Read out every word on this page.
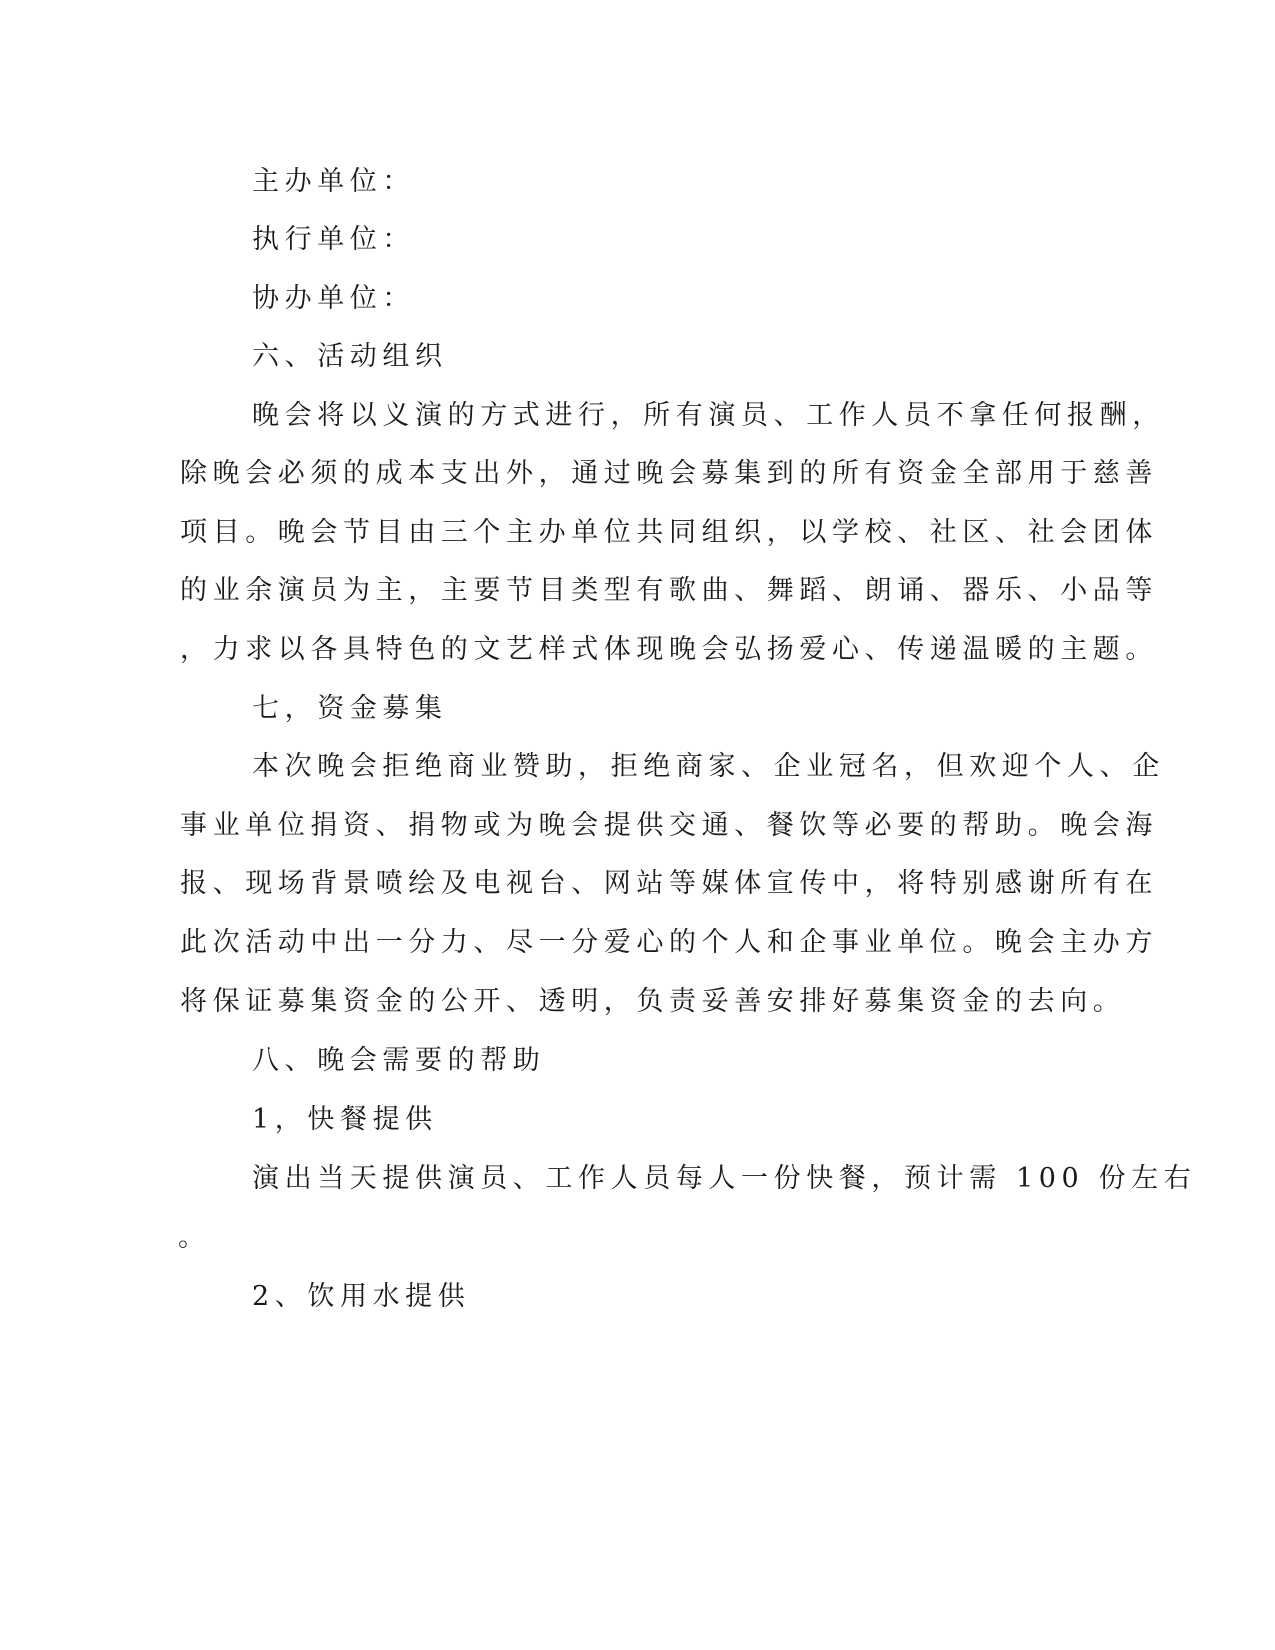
主办单位：
执行单位：
协办单位：
六、活动组织
晚会将以义演的方式进行，所有演员、工作人员不拿任何报酬，
除晚会必须的成本支出外，通过晚会募集到的所有资金全部用于慈善
项目。晚会节目由三个主办单位共同组织，以学校、社区、社会团体
的业余演员为主，主要节目类型有歌曲、舞蹈、朗诵、器乐、小品等
，力求以各具特色的文艺样式体现晚会弘扬爱心、传递温暖的主题。
七，资金募集
本次晚会拒绝商业赞助，拒绝商家、企业冠名，但欢迎个人、企
事业单位捐资、捐物或为晚会提供交通、餐饮等必要的帮助。晚会海
报、现场背景喷绘及电视台、网站等媒体宣传中，将特别感谢所有在
此次活动中出一分力、尽一分爱心的个人和企事业单位。晚会主办方
将保证募集资金的公开、透明，负责妥善安排好募集资金的去向。
八、晚会需要的帮助
1，快餐提供
演出当天提供演员、工作人员每人一份快餐，预计需 100 份左右
。
2、饮用水提供
